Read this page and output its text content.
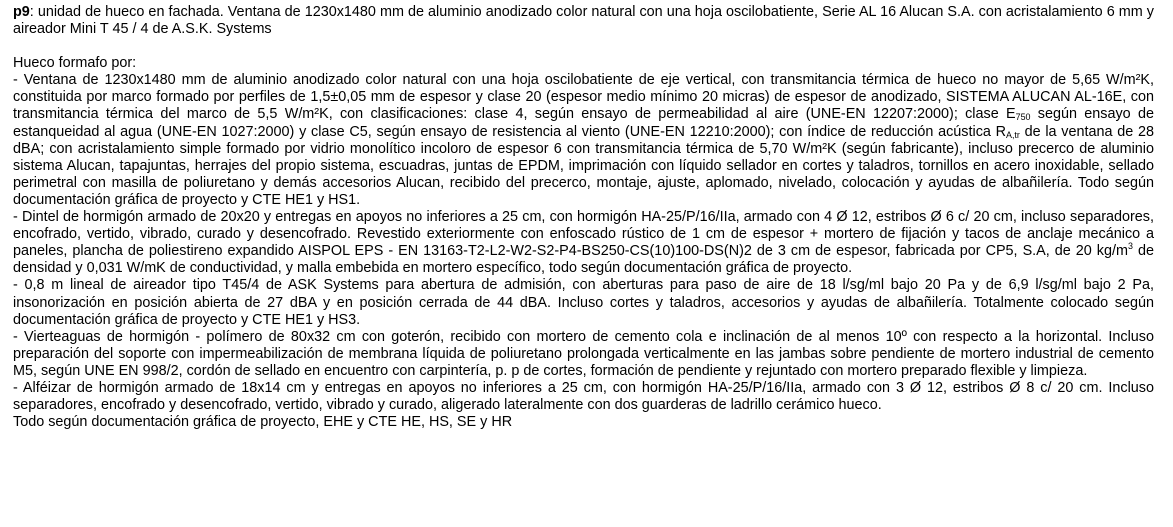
p9: unidad de hueco en fachada. Ventana de 1230x1480 mm de aluminio anodizado color natural con una hoja oscilobatiente, Serie AL 16 Alucan S.A. con acristalamiento 6 mm y aireador Mini T 45 / 4 de A.S.K. Systems

Hueco formafo por:

- Ventana de 1230x1480 mm de aluminio anodizado color natural con una hoja oscilobatiente de eje vertical, con transmitancia térmica de hueco no mayor de 5,65 W/m²K, constituida por marco formado por perfiles de 1,5±0,05 mm de espesor y clase 20 (espesor medio mínimo 20 micras) de espesor de anodizado, SISTEMA ALUCAN AL-16E, con transmitancia térmica del marco de 5,5 W/m²K, con clasificaciones: clase 4, según ensayo de permeabilidad al aire (UNE-EN 12207:2000); clase $E_{750}$ según ensayo de estanqueidad al agua (UNE-EN 1027:2000) y clase C5, según ensayo de resistencia al viento (UNE-EN 12210:2000); con índice de reducción acústica $R_{A,tr}$ de la ventana de 28 dBA; con acristalamiento simple formado por vidrio monolítico incoloro de espesor 6 con transmitancia térmica de 5,70 W/m²K (según fabricante), incluso precerco de aluminio sistema Alucan, tapajuntas, herrajes del propio sistema, escuadras, juntas de EPDM, imprimación con líquido sellador en cortes y taladros, tornillos en acero inoxidable, sellado perimetral con masilla de poliuretano y demás accesorios Alucan, recibido del precerco, montaje, ajuste, aplomado, nivelado, colocación y ayudas de albañilería. Todo según documentación gráfica de proyecto y CTE HE1 y HS1.

- Dintel de hormigón armado de 20x20 y entregas en apoyos no inferiores a 25 cm, con hormigón HA-25/P/16/IIa, armado con 4 Ø 12, estribos Ø 6 c/ 20 cm, incluso separadores, encofrado, vertido, vibrado, curado y desencofrado. Revestido exteriormente con enfoscado rústico de 1 cm de espesor + mortero de fijación y tacos de anclaje mecánico a paneles, plancha de poliestireno expandido AISPOL EPS - EN 13163-T2-L2-W2-S2-P4-BS250-CS(10)100-DS(N)2 de 3 cm de espesor, fabricada por CP5, S.A, de 20 $kg/m^3$ de densidad y 0,031 W/mK de conductividad, y malla embebida en mortero específico, todo según documentación gráfica de proyecto.

- 0,8 m lineal de aireador tipo T45/4 de ASK Systems para abertura de admisión, con aberturas para paso de aire de 18 l/sg/ml bajo 20 Pa y de 6,9 l/sg/ml bajo 2 Pa, insonorización en posición abierta de 27 dBA y en posición cerrada de 44 dBA. Incluso cortes y taladros, accesorios y ayudas de albañilería. Totalmente colocado según documentación gráfica de proyecto y CTE HE1 y HS3.

- Vierteaguas de hormigón - polímero de 80x32 cm con goterón, recibido con mortero de cemento cola e inclinación de al menos 10º con respecto a la horizontal. Incluso preparación del soporte con impermeabilización de membrana líquida de poliuretano prolongada verticalmente en las jambas sobre pendiente de mortero industrial de cemento M5, según UNE EN 998/2, cordón de sellado en encuentro con carpintería, p. p de cortes, formación de pendiente y rejuntado con mortero preparado flexible y limpieza.

- Alféizar de hormigón armado de 18x14 cm y entregas en apoyos no inferiores a 25 cm, con hormigón HA-25/P/16/IIa, armado con 3 Ø 12, estribos Ø 8 c/ 20 cm. Incluso separadores, encofrado y desencofrado, vertido, vibrado y curado, aligerado lateralmente con dos guarderas de ladrillo cerámico hueco.

Todo según documentación gráfica de proyecto, EHE y CTE HE, HS, SE y HR
